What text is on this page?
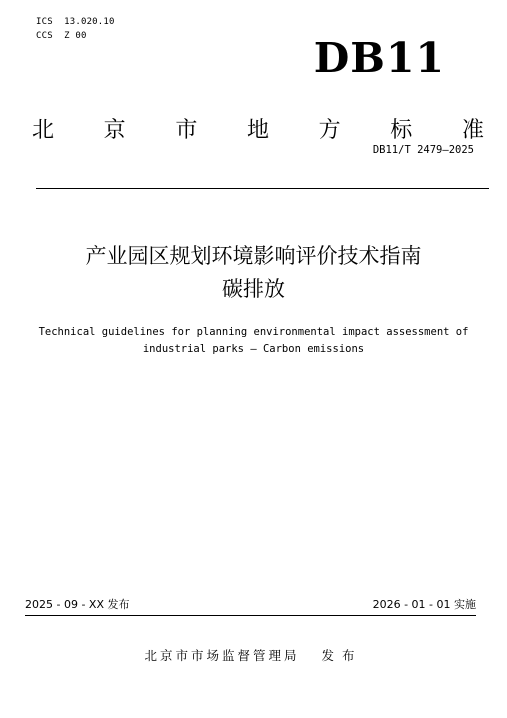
ICS  13.020.10
CCS  Z 00	DB11
北 京 市 地 方 标 准
DB11/T 2479—2025
产业园区规划环境影响评价技术指南
碳排放
Technical guidelines for planning environmental impact assessment of
industrial parks — Carbon emissions
2025 - 09 - XX 发布	2026 - 01 - 01 实施
北京市市场监督管理局 发布
